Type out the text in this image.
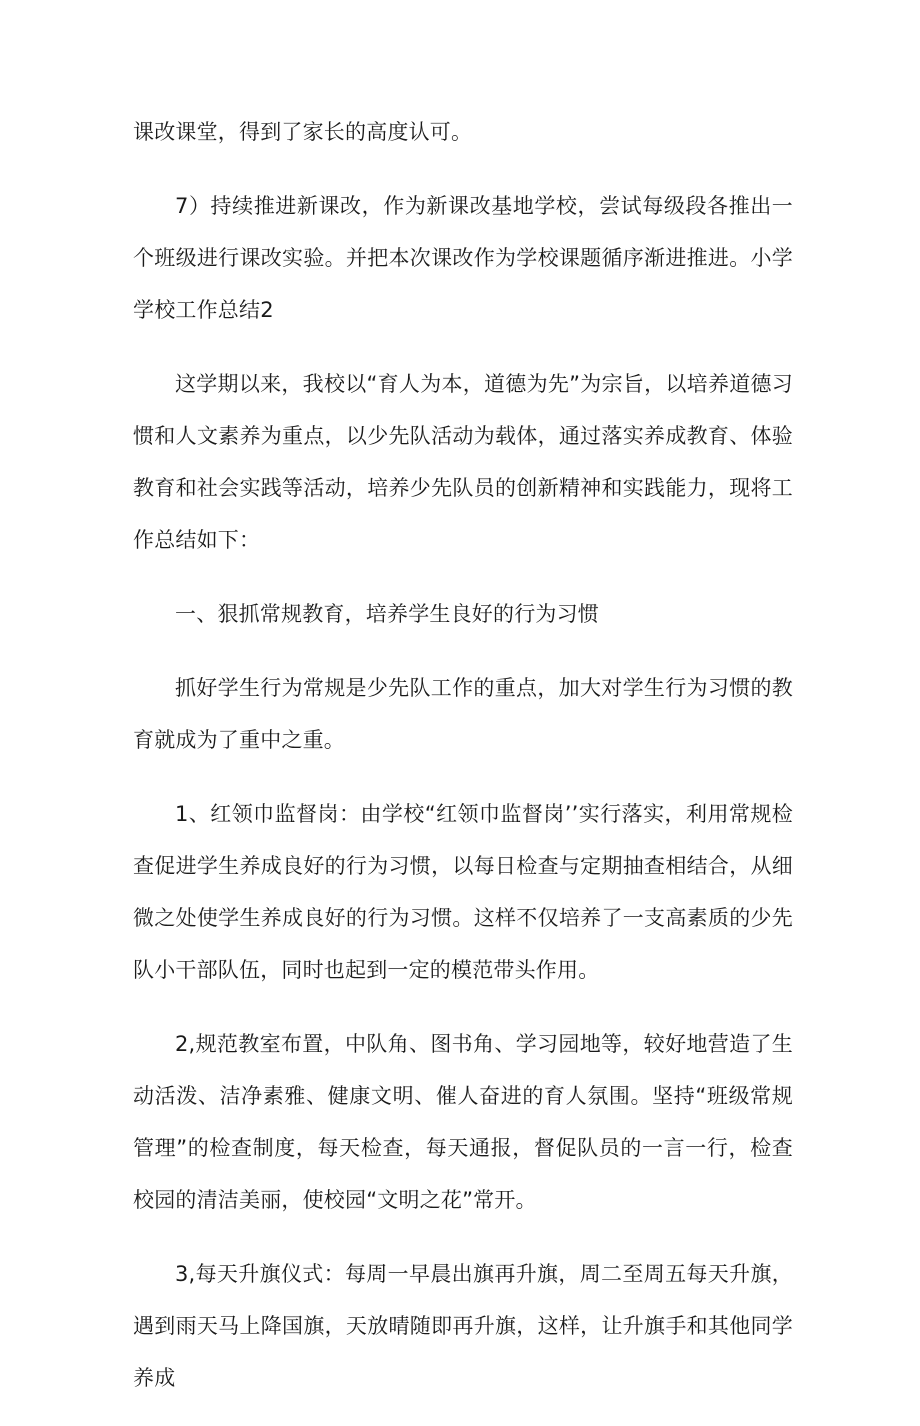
课改课堂，得到了家长的高度认可。

7）持续推进新课改，作为新课改基地学校，尝试每级段各推出一个班级进行课改实验。并把本次课改作为学校课题循序渐进推进。小学学校工作总结2

这学期以来，我校以“育人为本，道德为先”为宗旨，以培养道德习惯和人文素养为重点，以少先队活动为载体，通过落实养成教育、体验教育和社会实践等活动，培养少先队员的创新精神和实践能力，现将工作总结如下：

一、狠抓常规教育，培养学生良好的行为习惯

抓好学生行为常规是少先队工作的重点，加大对学生行为习惯的教育就成为了重中之重。

1、红领巾监督岗：由学校“红领巾监督岗’’实行落实，利用常规检查促进学生养成良好的行为习惯，以每日检查与定期抽查相结合，从细微之处使学生养成良好的行为习惯。这样不仅培养了一支高素质的少先队小干部队伍，同时也起到一定的模范带头作用。

2,规范教室布置，中队角、图书角、学习园地等，较好地营造了生动活泼、洁净素雅、健康文明、催人奋进的育人氛围。坚持“班级常规管理”的检查制度，每天检查，每天通报，督促队员的一言一行，检查校园的清洁美丽，使校园“文明之花”常开。

3,每天升旗仪式：每周一早晨出旗再升旗，周二至周五每天升旗，遇到雨天马上降国旗，天放晴随即再升旗，这样，让升旗手和其他同学养成
